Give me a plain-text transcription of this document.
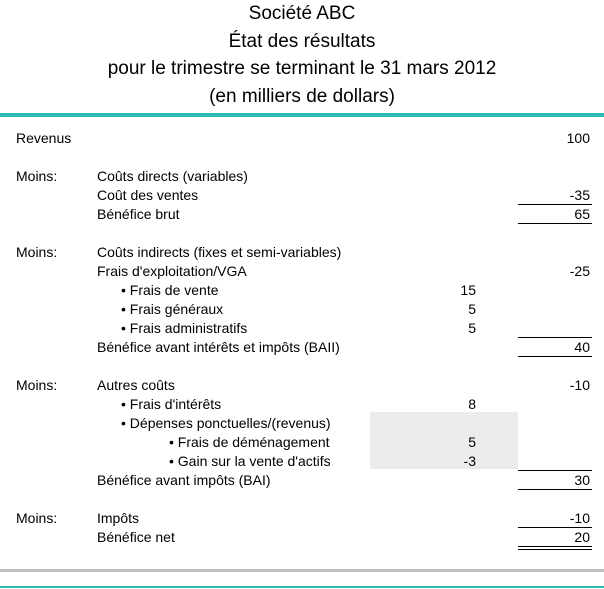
Société ABC
État des résultats
pour le trimestre se terminant le 31 mars 2012
(en milliers de dollars)
Revenus	100
Moins:	Coûts directs (variables)
Coût des ventes	-35
Bénéfice brut	65
Moins:	Coûts indirects (fixes et semi-variables)
Frais d'exploitation/VGA	-25
• Frais de vente	15
• Frais généraux	5
• Frais administratifs	5
Bénéfice avant intérêts et impôts (BAII)	40
Moins:	Autres coûts	-10
• Frais d'intérêts	8
• Dépenses ponctuelles/(revenus)
• Frais de déménagement	5
• Gain sur la vente d'actifs	-3
Bénéfice avant impôts (BAI)	30
Moins:	Impôts	-10
Bénéfice net	20
